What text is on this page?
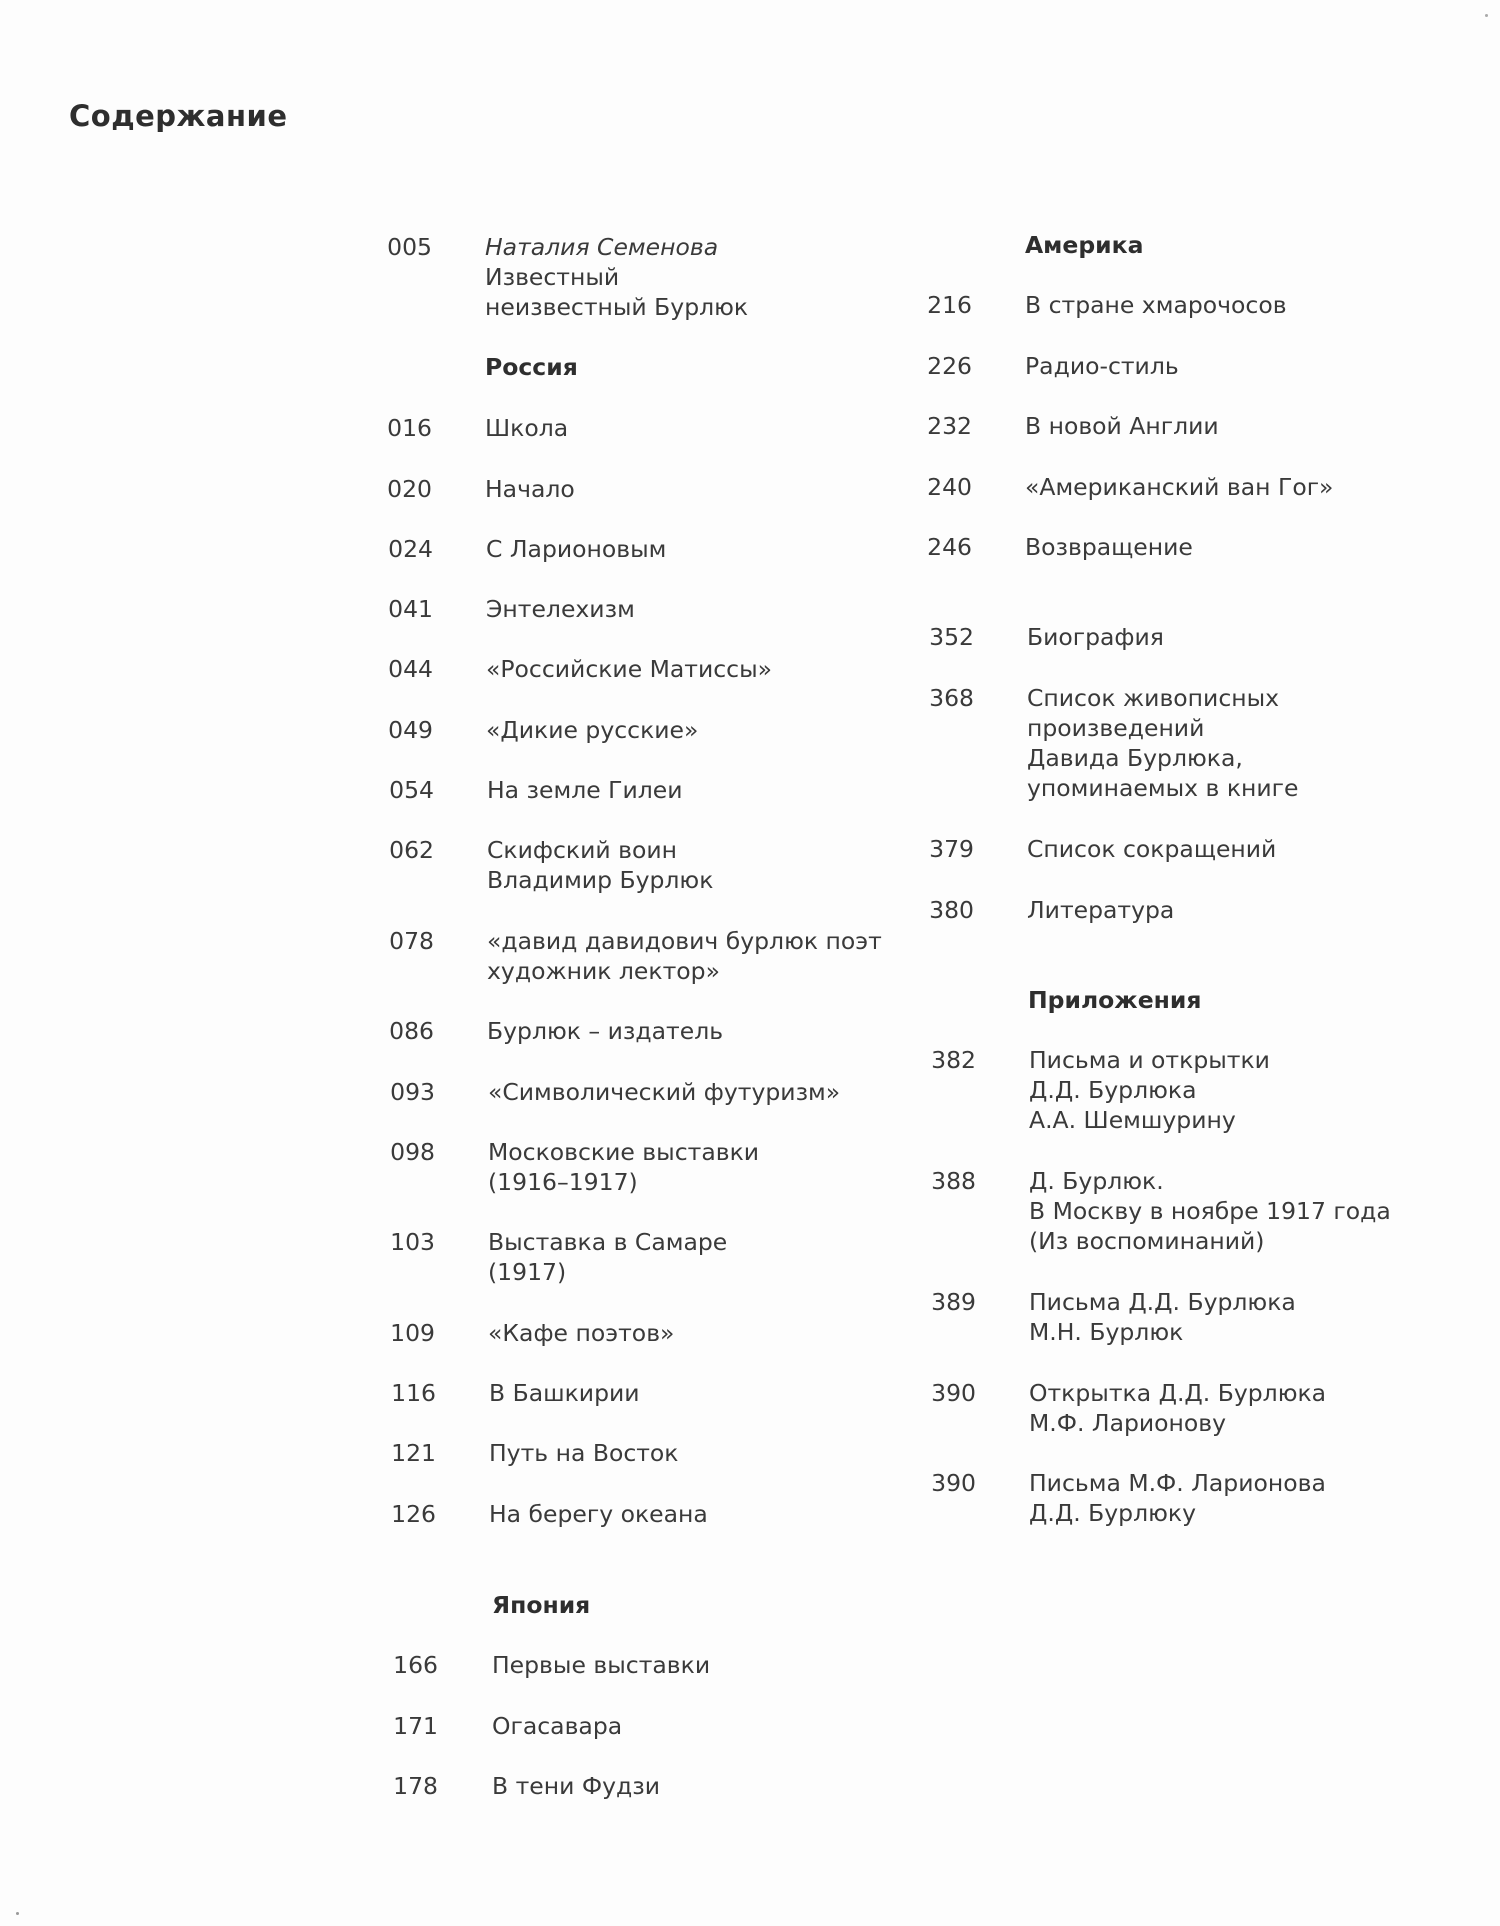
Содержание
005 Наталия Семенова
Известный
неизвестный Бурлюк
Россия
016 Школа
020 Начало
024 С Ларионовым
041 Энтелехизм
044 «Российские Матиссы»
049 «Дикие русские»
054 На земле Гилеи
062 Скифский воин
Владимир Бурлюк
078 «давид давидович бурлюк поэт
художник лектор»
086 Бурлюк – издатель
093 «Символический футуризм»
098 Московские выставки
(1916–1917)
103 Выставка в Самаре
(1917)
109 «Кафе поэтов»
116 В Башкирии
121 Путь на Восток
126 На берегу океана
Япония
166 Первые выставки
171 Огасавара
178 В тени Фудзи
Америка
216 В стране хмарочосов
226 Радио-стиль
232 В новой Англии
240 «Американский ван Гог»
246 Возвращение
352 Биография
368 Список живописных
произведений
Давида Бурлюка,
упоминаемых в книге
379 Список сокращений
380 Литература
Приложения
382 Письма и открытки
Д.Д. Бурлюка
А.А. Шемшурину
388 Д. Бурлюк.
В Москву в ноябре 1917 года
(Из воспоминаний)
389 Письма Д.Д. Бурлюка
М.Н. Бурлюк
390 Открытка Д.Д. Бурлюка
М.Ф. Ларионову
390 Письма М.Ф. Ларионова
Д.Д. Бурлюку
